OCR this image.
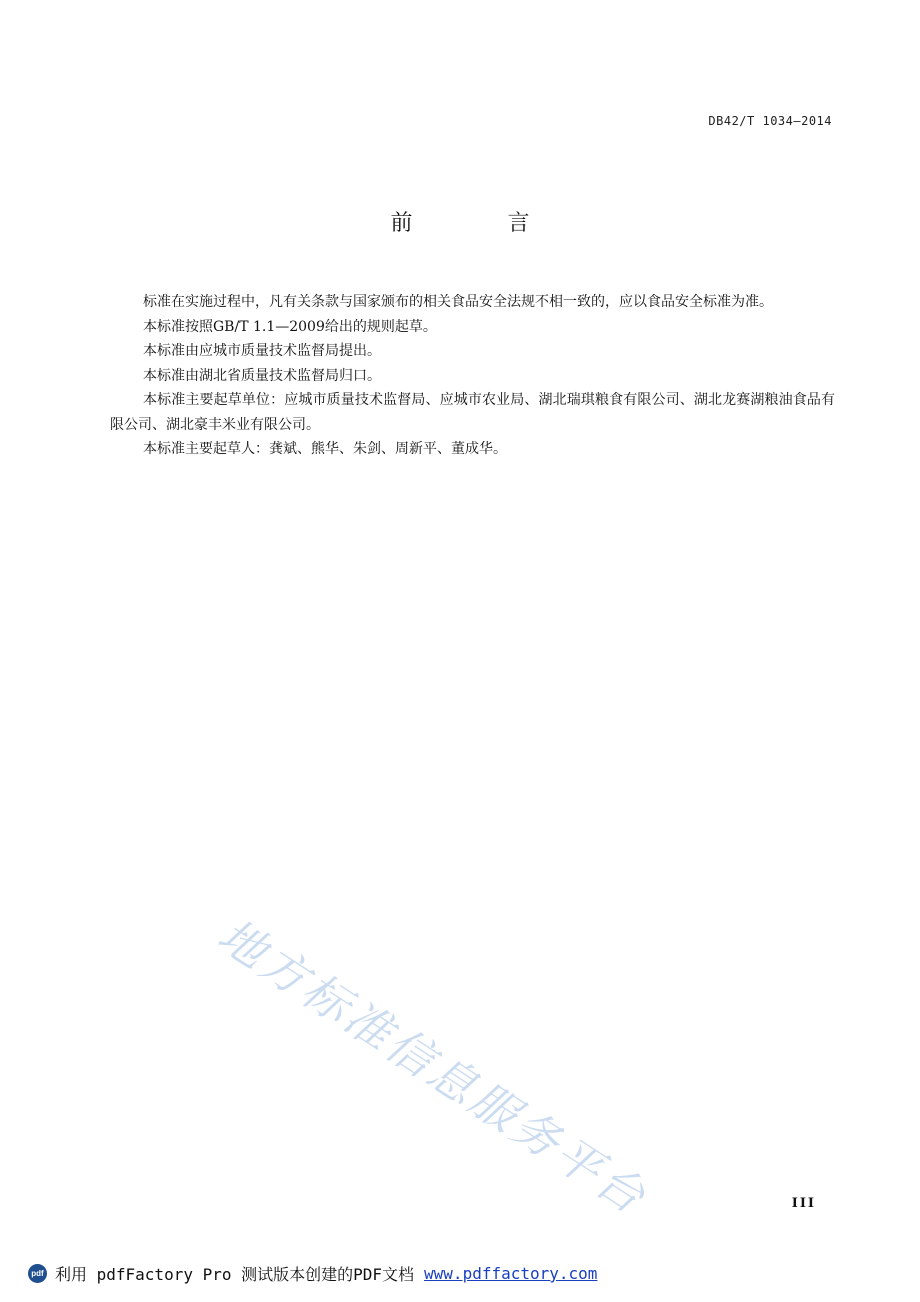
DB42/T 1034—2014
前 言

标准在实施过程中，凡有关条款与国家颁布的相关食品安全法规不相一致的，应以食品安全标准为准。

本标准按照GB/T 1.1—2009给出的规则起草。

本标准由应城市质量技术监督局提出。

本标准由湖北省质量技术监督局归口。

本标准主要起草单位：应城市质量技术监督局、应城市农业局、湖北瑞琪粮食有限公司、湖北龙赛湖粮油食品有限公司、湖北豪丰米业有限公司。

本标准主要起草人：龚斌、熊华、朱剑、周新平、董成华。

地方标准信息服务平台	III
pdf 利用 pdfFactory Pro 测试版本创建的PDF文档 www.pdffactory.com
